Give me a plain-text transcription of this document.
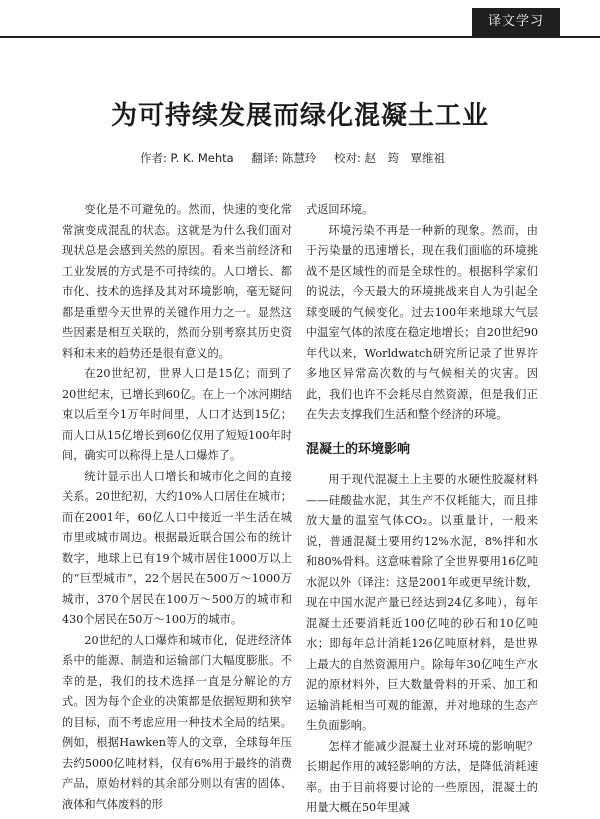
译文学习
为可持续发展而绿化混凝土工业
作者: P. K. Mehta 翻译: 陈慧玲 校对: 赵　筠　覃维祖

变化是不可避免的。然而，快速的变化常常演变成混乱的状态。这就是为什么我们面对现状总是会感到关然的原因。看来当前经济和工业发展的方式是不可持续的。人口增长、都市化、技术的选择及其对环境影响，毫无疑问都是重塑今天世界的关键作用力之一。显然这些因素是相互关联的，然而分别考察其历史资料和未来的趋势还是很有意义的。

在20世纪初，世界人口是15亿；而到了20世纪末，已增长到60亿。在上一个冰河期结束以后至今1万年时间里，人口才达到15亿；而人口从15亿增长到60亿仅用了短短100年时间，确实可以称得上是人口爆炸了。

统计显示出人口增长和城市化之间的直接关系。20世纪初，大约10%人口居住在城市；而在2001年，60亿人口中接近一半生活在城市里或城市周边。根据最近联合国公布的统计数字，地球上已有19个城市居住1000万以上的“巨型城市”，22个居民在500万～1000万城市，370个居民在100万～500万的城市和430个居民在50万～100万的城市。

20世纪的人口爆炸和城市化，促进经济体系中的能源、制造和运输部门大幅度膨胀。不幸的是，我们的技术选择一直是分解论的方式。因为每个企业的决策都是依据短期和狭窄的目标，而不考虑应用一种技术全局的结果。例如，根据Hawken等人的文章，全球每年压去约5000亿吨材料，仅有6%用于最终的消费产品，原始材料的其余部分则以有害的固体、液体和气体废料的形

式返回环境。

环境污染不再是一种新的现象。然而，由于污染量的迅速增长，现在我们面临的环境挑战不是区域性的而是全球性的。根据科学家们的说法，今天最大的环境挑战来自人为引起全球变暖的气候变化。过去100年来地球大气层中温室气体的浓度在稳定地增长；自20世纪90年代以来，Worldwatch研究所记录了世界许多地区异常高次数的与气候相关的灾害。因此，我们也许不会耗尽自然资源，但是我们正在失去支撑我们生活和整个经济的环境。

混凝土的环境影响

用于现代混凝土上主要的水硬性胶凝材料——硅酸盐水泥，其生产不仅耗能大，而且排放大量的温室气体CO₂。以重量计，一般来说，普通混凝土要用约12%水泥，8%拌和水和80%骨料。这意味着除了全世界要用16亿吨水泥以外（译注：这是2001年或更早统计数，现在中国水泥产量已经达到24亿多吨），每年混凝土还要消耗近100亿吨的砂石和10亿吨水；即每年总计消耗126亿吨原材料，是世界上最大的自然资源用户。除每年30亿吨生产水泥的原材料外，巨大数量骨料的开采、加工和运输消耗相当可观的能源，并对地球的生态产生负面影响。

怎样才能减少混凝土业对环境的影响呢？长期起作用的减轻影响的方法，是降低消耗速率。由于目前将要讨论的一些原因，混凝土的用量大概在50年里减
